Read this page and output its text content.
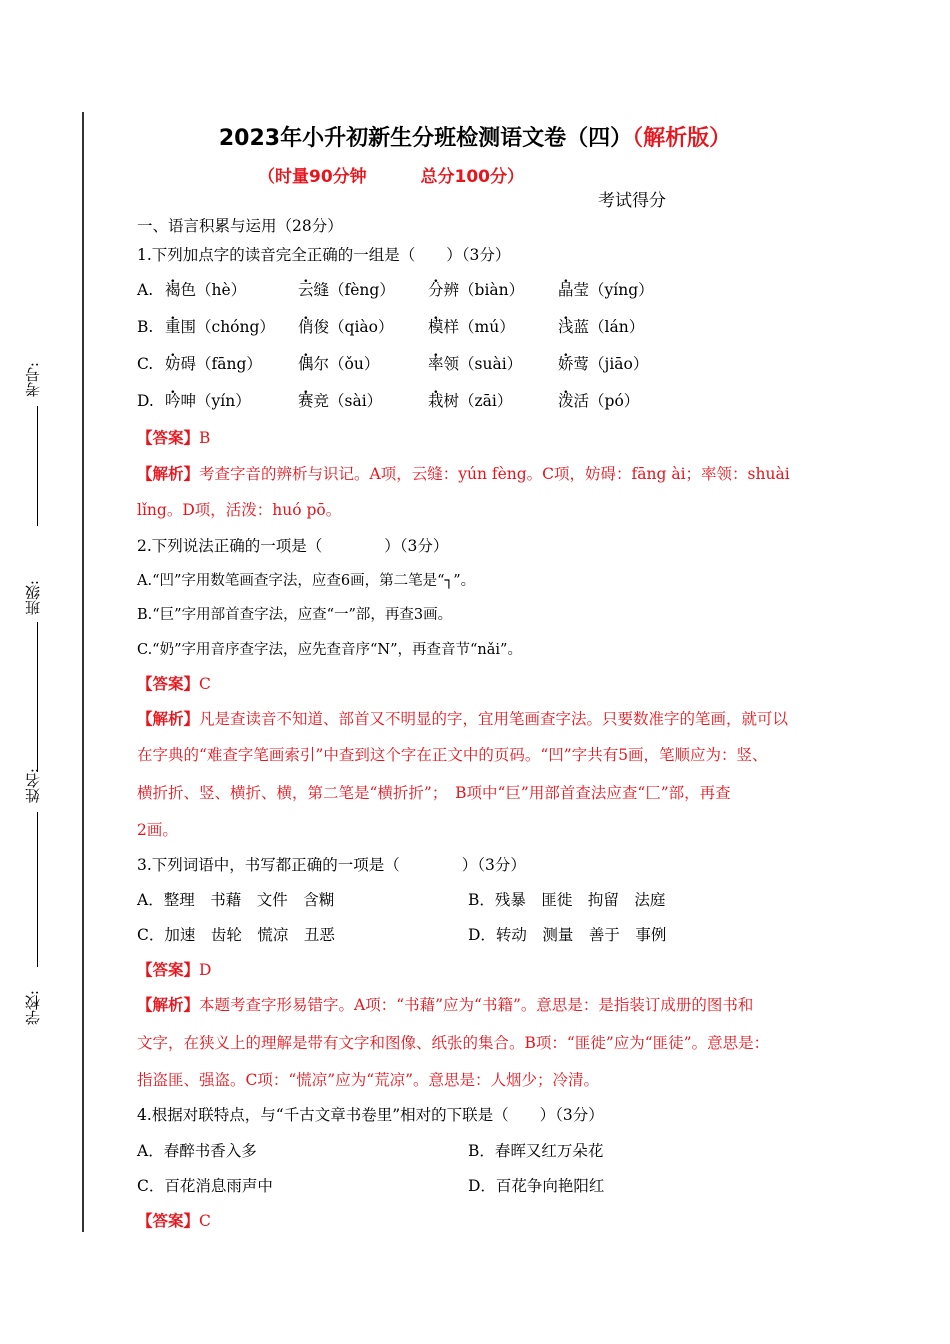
考号:
班级:
姓名:
学校:
2023年小升初新生分班检测语文卷（四）（解析版）
（时量90分钟	总分100分）
考试得分
一、语言积累与运用（28分）
1.下列加点字的读音完全正确的一组是（　　）（3分）
A. 褐色（hè）	云缝（fèng） 分辨（biàn） 晶莹（yíng）
B. 重围（chóng） 俏俊（qiào） 模样（mú）	浅蓝（lán）
C. 妨碍（fāng） 偶尔（ǒu）	率领（suài） 娇莺（jiāo）
D. 吟呻（yín）	赛竞（sài）	栽树（zāi）	泼活（pó）
【答案】B
【解析】考查字音的辨析与识记。A项，云缝：yún fèng。C项，妨碍：fāng ài；率领：shuài
lǐng。D项，活泼：huó pō。
2.下列说法正确的一项是（　　　　）（3分）
A.“凹”字用数笔画查字法，应查6画，第二笔是“┐”。
B.“巨”字用部首查字法，应查“一”部，再查3画。
C.“奶”字用音序查字法，应先查音序“N”，再查音节“nǎi”。
【答案】C
【解析】凡是查读音不知道、部首又不明显的字，宜用笔画查字法。只要数准字的笔画，就可以
在字典的“难查字笔画索引”中查到这个字在正文中的页码。“凹”字共有5画，笔顺应为：竖、
横折折、竖、横折、横，第二笔是“横折折”；　B项中“巨”用部首查法应查“匚”部，再查
2画。
3.下列词语中，书写都正确的一项是（　　　　）（3分）
A．整理　书藉　文件　含糊	B．残暴　匪徙　拘留　法庭
C．加速　齿轮　慌凉　丑恶	D．转动　测量　善于　事例
【答案】D
【解析】本题考查字形易错字。A项：“书藉”应为“书籍”。意思是：是指装订成册的图书和
文字，在狭义上的理解是带有文字和图像、纸张的集合。B项：“匪徙”应为“匪徒”。意思是：
指盗匪、强盗。C项：“慌凉”应为“荒凉”。意思是：人烟少；冷清。
4.根据对联特点，与“千古文章书卷里”相对的下联是（　　）（3分）
A．春醉书香入多	B．春晖又红万朵花
C．百花消息雨声中	D．百花争向艳阳红
【答案】C
